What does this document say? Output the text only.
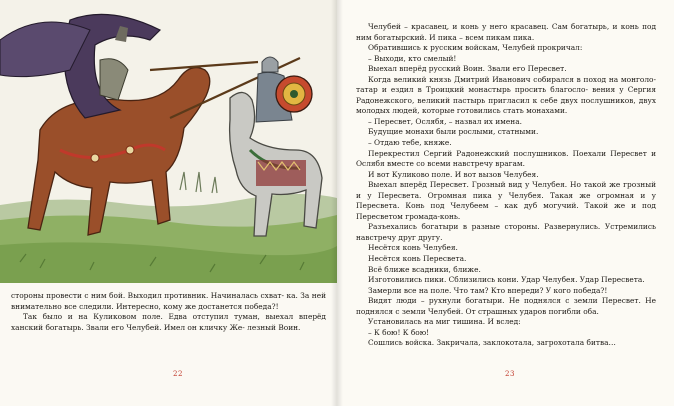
стороны провести с ним бой. Выходил противник. Начиналась схват- ка. За ней внимательно все следили. Интересно, кому же достанется победа?!

Так было и на Куликовом поле. Едва отступил туман, выехал вперёд ханский богатырь. Звали его Челубей. Имел он кличку Же- лезный Воин.

22

Челубей – красавец, и конь у него красавец. Сам богатырь, и конь под ним богатырский. И пика – всем пикам пика.

Обратившись к русским войскам, Челубей прокричал:

– Выходи, кто смелый!

Выехал вперёд русский Воин. Звали его Пересвет.

Когда великий князь Дмитрий Иванович собирался в поход на монголо-татар и ездил в Троицкий монастырь просить благосло- вения у Сергия Радонежского, великий пастырь пригласил к себе двух послушников, двух молодых людей, которые готовились стать монахами.

– Пересвет, Ослябя, – назвал их имена.

Будущие монахи были рослыми, статными.

– Отдаю тебе, княже.

Перекрестил Сергий Радонежский послушников. Поехали Пересвет и Ослябя вместе со всеми навстречу врагам.

И вот Куликово поле. И вот вызов Челубея.

Выехал вперёд Пересвет. Грозный вид у Челубея. Но такой же грозный и у Пересвета. Огромная пика у Челубея. Такая же огромная и у Пересвета. Конь под Челубеем – как дуб могучий. Такой же и под Пересветом громада-конь.

Разъехались богатыри в разные стороны. Развернулись. Устремились навстречу друг другу.

Несётся конь Челубея.

Несётся конь Пересвета.

Всё ближе всадники, ближе.

Изготовились пики. Сблизились кони. Удар Челубея. Удар Пересвета.

Замерли все на поле. Что там? Кто впереди? У кого победа?!

Видят люди – рухнули богатыри. Не поднялся с земли Пересвет. Не поднялся с земли Челубей. От страшных ударов погибли оба.

Установилась на миг тишина. И вслед:

– К бою! К бою!

Сошлись войска. Закричала, заклокотала, загрохотала битва…

23
